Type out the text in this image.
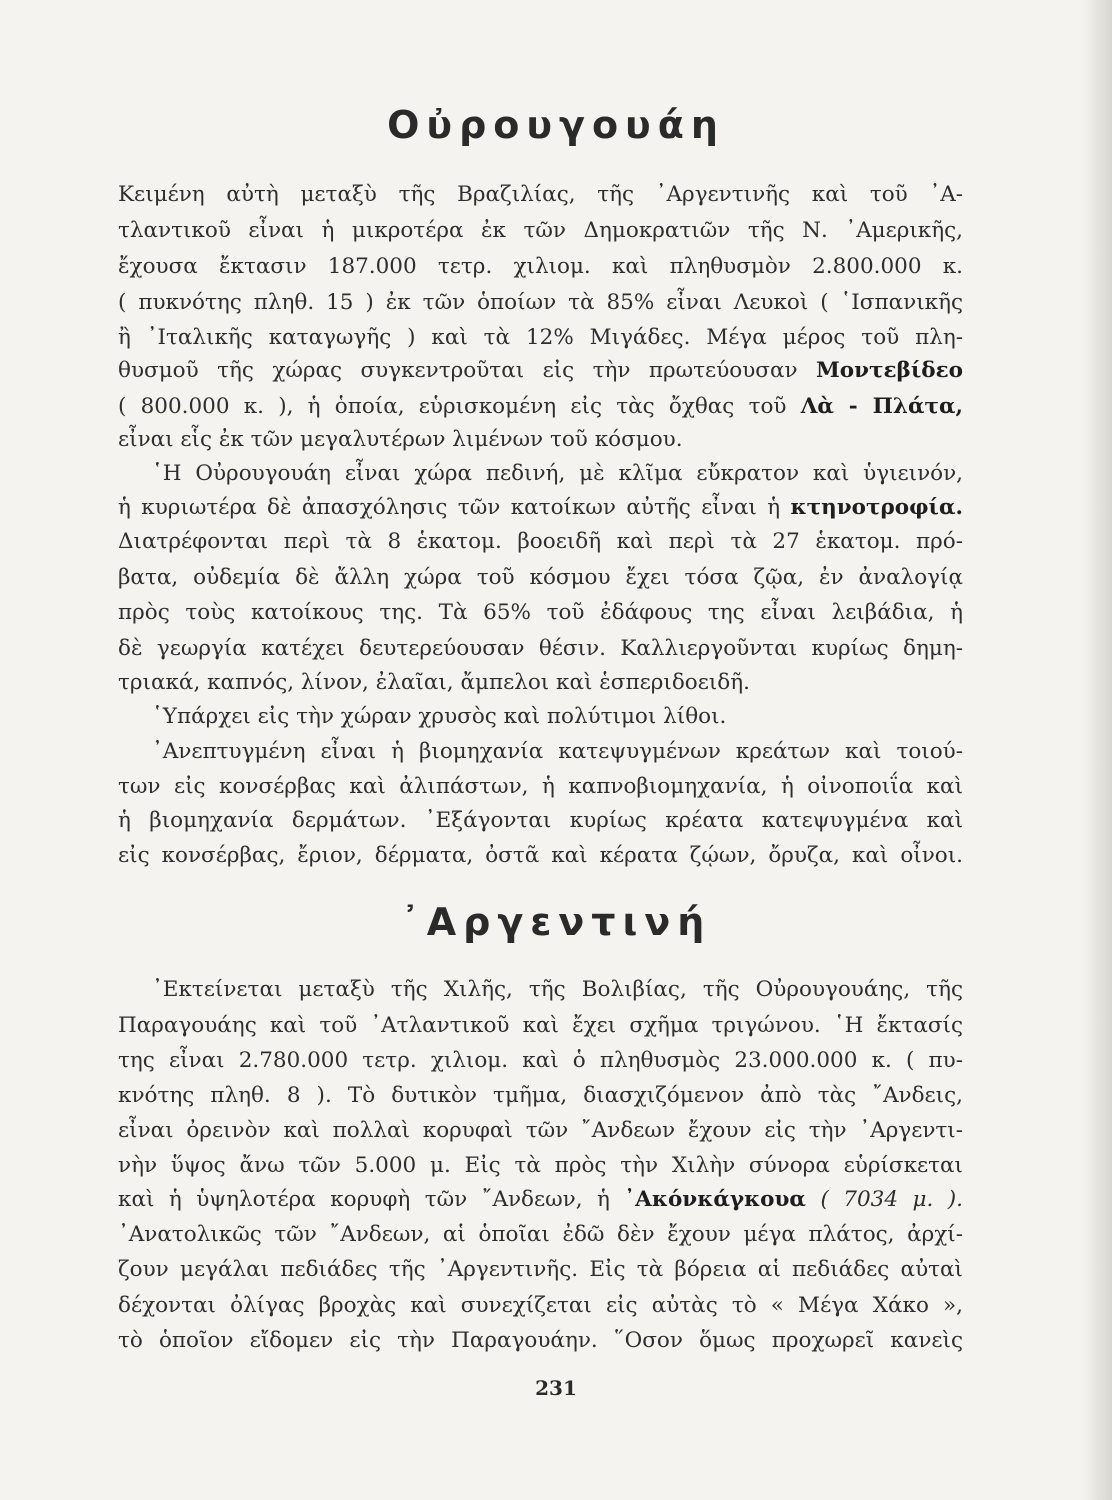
Οὐρουγουάη
Κειμένη αὐτὴ μεταξὺ τῆς Βραζιλίας, τῆς ᾿Αργεντινῆς καὶ τοῦ ᾿Α-
τλαντικοῦ εἶναι ἡ μικροτέρα ἐκ τῶν Δημοκρατιῶν τῆς Ν. ᾿Αμερικῆς,
ἔχουσα ἔκτασιν 187.000 τετρ. χιλιομ. καὶ πληθυσμὸν 2.800.000 κ.
( πυκνότης πληθ. 15 ) ἐκ τῶν ὁποίων τὰ 85% εἶναι Λευκοὶ ( ῾Ισπανικῆς
ἢ ᾿Ιταλικῆς καταγωγῆς ) καὶ τὰ 12% Μιγάδες. Μέγα μέρος τοῦ πλη-
θυσμοῦ τῆς χώρας συγκεντροῦται εἰς τὴν πρωτεύουσαν Μοντεβίδεο
( 800.000 κ. ), ἡ ὁποία, εὑρισκομένη εἰς τὰς ὄχθας τοῦ Λὰ - Πλάτα,
εἶναι εἷς ἐκ τῶν μεγαλυτέρων λιμένων τοῦ κόσμου.
῾Η Οὐρουγουάη εἶναι χώρα πεδινή, μὲ κλῖμα εὔκρατον καὶ ὑγιεινόν,
ἡ κυριωτέρα δὲ ἀπασχόλησις τῶν κατοίκων αὐτῆς εἶναι ἡ κτηνοτροφία.
Διατρέφονται περὶ τὰ 8 ἑκατομ. βοοειδῆ καὶ περὶ τὰ 27 ἑκατομ. πρό-
βατα, οὐδεμία δὲ ἄλλη χώρα τοῦ κόσμου ἔχει τόσα ζῷα, ἐν ἀναλογίᾳ
πρὸς τοὺς κατοίκους της. Τὰ 65% τοῦ ἐδάφους της εἶναι λειβάδια, ἡ
δὲ γεωργία κατέχει δευτερεύουσαν θέσιν. Καλλιεργοῦνται κυρίως δημη-
τριακά, καπνός, λίνον, ἐλαῖαι, ἄμπελοι καὶ ἑσπεριδοειδῆ.
῾Υπάρχει εἰς τὴν χώραν χρυσὸς καὶ πολύτιμοι λίθοι.
᾿Ανεπτυγμένη εἶναι ἡ βιομηχανία κατεψυγμένων κρεάτων καὶ τοιού-
των εἰς κονσέρβας καὶ ἀλιπάστων, ἡ καπνοβιομηχανία, ἡ οἰνοποιΐα καὶ
ἡ βιομηχανία δερμάτων. ᾿Εξάγονται κυρίως κρέατα κατεψυγμένα καὶ
εἰς κονσέρβας, ἔριον, δέρματα, ὀστᾶ καὶ κέρατα ζῴων, ὄρυζα, καὶ οἶνοι.
᾿Αργεντινή
᾿Εκτείνεται μεταξὺ τῆς Χιλῆς, τῆς Βολιβίας, τῆς Οὐρουγουάης, τῆς
Παραγουάης καὶ τοῦ ᾿Ατλαντικοῦ καὶ ἔχει σχῆμα τριγώνου. ῾Η ἔκτασίς
της εἶναι 2.780.000 τετρ. χιλιομ. καὶ ὁ πληθυσμὸς 23.000.000 κ. ( πυ-
κνότης πληθ. 8 ). Τὸ δυτικὸν τμῆμα, διασχιζόμενον ἀπὸ τὰς ῎Ανδεις,
εἶναι ὀρεινὸν καὶ πολλαὶ κορυφαὶ τῶν ῎Ανδεων ἔχουν εἰς τὴν ᾿Αργεντι-
νὴν ὕψος ἄνω τῶν 5.000 μ. Εἰς τὰ πρὸς τὴν Χιλὴν σύνορα εὑρίσκεται
καὶ ἡ ὑψηλοτέρα κορυφὴ τῶν ῎Ανδεων, ἡ ᾿Ακόνκάγκουα ( 7034 μ. ).
᾿Ανατολικῶς τῶν ῎Ανδεων, αἱ ὁποῖαι ἐδῶ δὲν ἔχουν μέγα πλάτος, ἀρχί-
ζουν μεγάλαι πεδιάδες τῆς ᾿Αργεντινῆς. Εἰς τὰ βόρεια αἱ πεδιάδες αὐταὶ
δέχονται ὀλίγας βροχὰς καὶ συνεχίζεται εἰς αὐτὰς τὸ « Μέγα Χάκο »,
τὸ ὁποῖον εἴδομεν εἰς τὴν Παραγουάην. ῞Οσον ὅμως προχωρεῖ κανεὶς
231
